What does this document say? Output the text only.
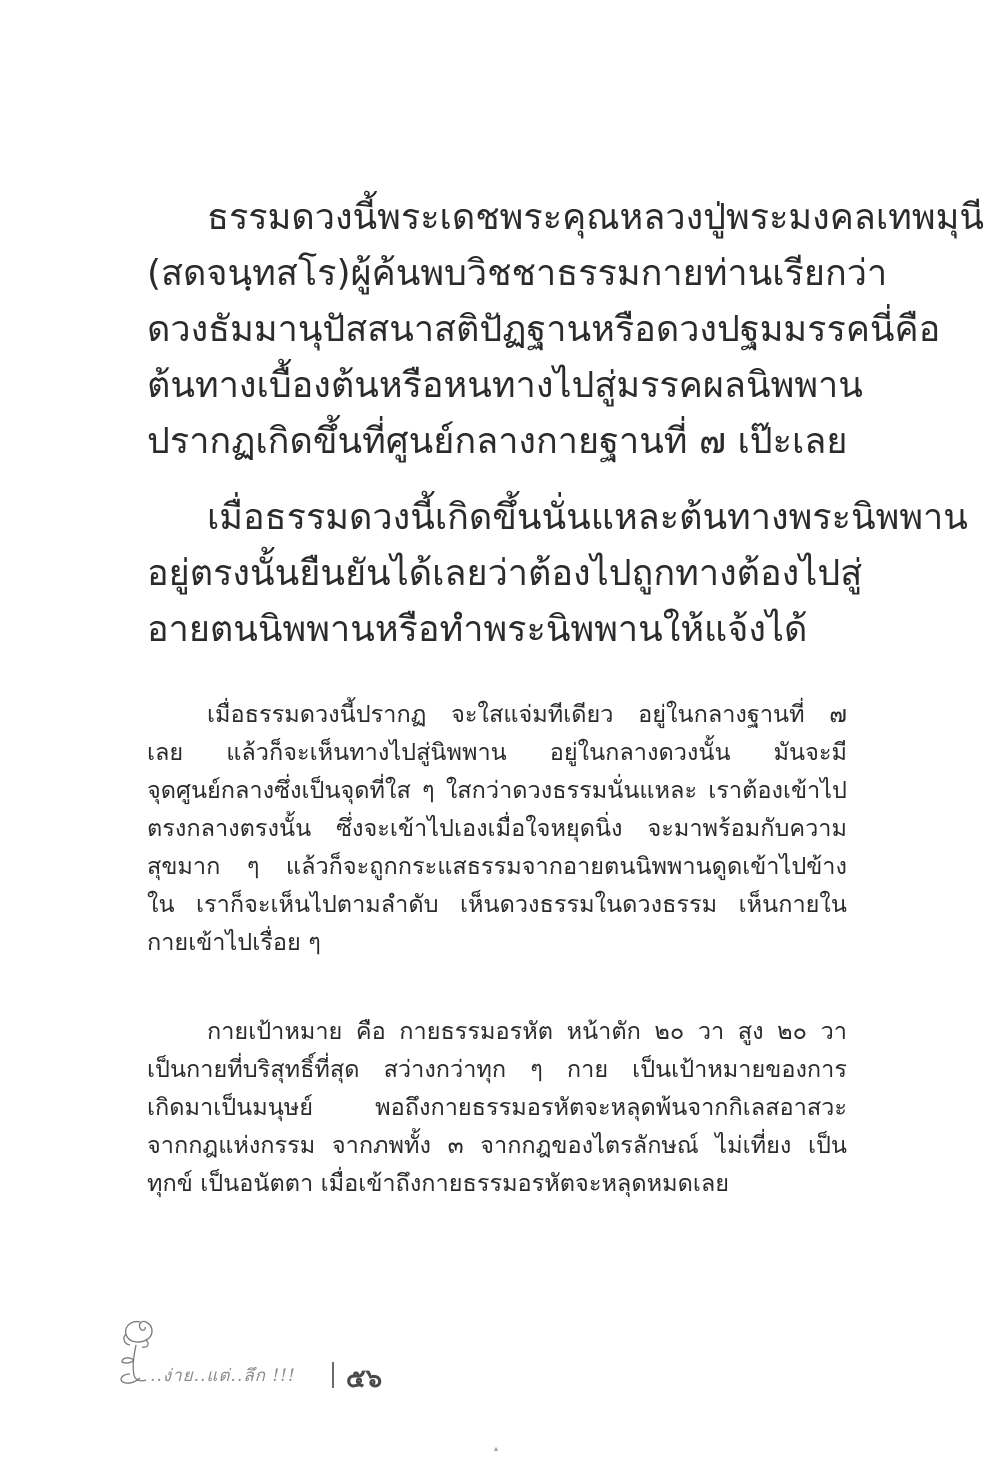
ธรรมดวงนี้พระเดชพระคุณหลวงปู่ พระมงคลเทพมุนี
(สด จนฺทสโร) ผู้ค้นพบวิชชาธรรมกาย ท่านเรียกว่า
ดวงธัมมานุปัสสนาสติปัฏฐาน หรือ ดวงปฐมมรรค นี่คือ
ต้นทางเบื้องต้น หรือ หนทางไปสู่มรรคผลนิพพาน
ปรากฏเกิดขึ้นที่ศูนย์กลางกายฐานที่ ๗ เป๊ะเลย
เมื่อธรรมดวงนี้เกิดขึ้น นั่นแหละต้นทางพระนิพพาน
อยู่ตรงนั้น ยืนยันได้เลยว่าต้องไปถูกทาง ต้องไปสู่
อายตนนิพพานหรือทำพระนิพพานให้แจ้งได้
เมื่อธรรมดวงนี้ปรากฏ จะใสแจ่มทีเดียว อยู่ในกลางฐานที่ ๗
เลย แล้วก็จะเห็นทางไปสู่นิพพาน อยู่ในกลางดวงนั้น มันจะมี
จุดศูนย์กลางซึ่งเป็นจุดที่ใส ๆ ใสกว่าดวงธรรมนั่นแหละ เราต้องเข้าไป
ตรงกลางตรงนั้น ซึ่งจะเข้าไปเองเมื่อใจหยุดนิ่ง จะมาพร้อมกับความ
สุขมาก ๆ แล้วก็จะถูกกระแสธรรมจากอายตนนิพพานดูดเข้าไปข้าง
ใน เราก็จะเห็นไปตามลำดับ เห็นดวงธรรมในดวงธรรม เห็นกายใน
กายเข้าไปเรื่อย ๆ
กายเป้าหมาย คือ กายธรรมอรหัต หน้าตัก ๒๐ วา สูง ๒๐ วา
เป็นกายที่บริสุทธิ์ที่สุด สว่างกว่าทุก ๆ กาย เป็นเป้าหมายของการ
เกิดมาเป็นมนุษย์	พอถึงกายธรรมอรหัตจะหลุดพ้นจากกิเลสอาสวะ
จากกฎแห่งกรรม จากภพทั้ง ๓ จากกฎของไตรลักษณ์ ไม่เที่ยง เป็น
ทุกข์ เป็นอนัตตา เมื่อเข้าถึงกายธรรมอรหัตจะหลุดหมดเลย
..ง่าย..แต่..ลึก !!! ๕๖
▴
